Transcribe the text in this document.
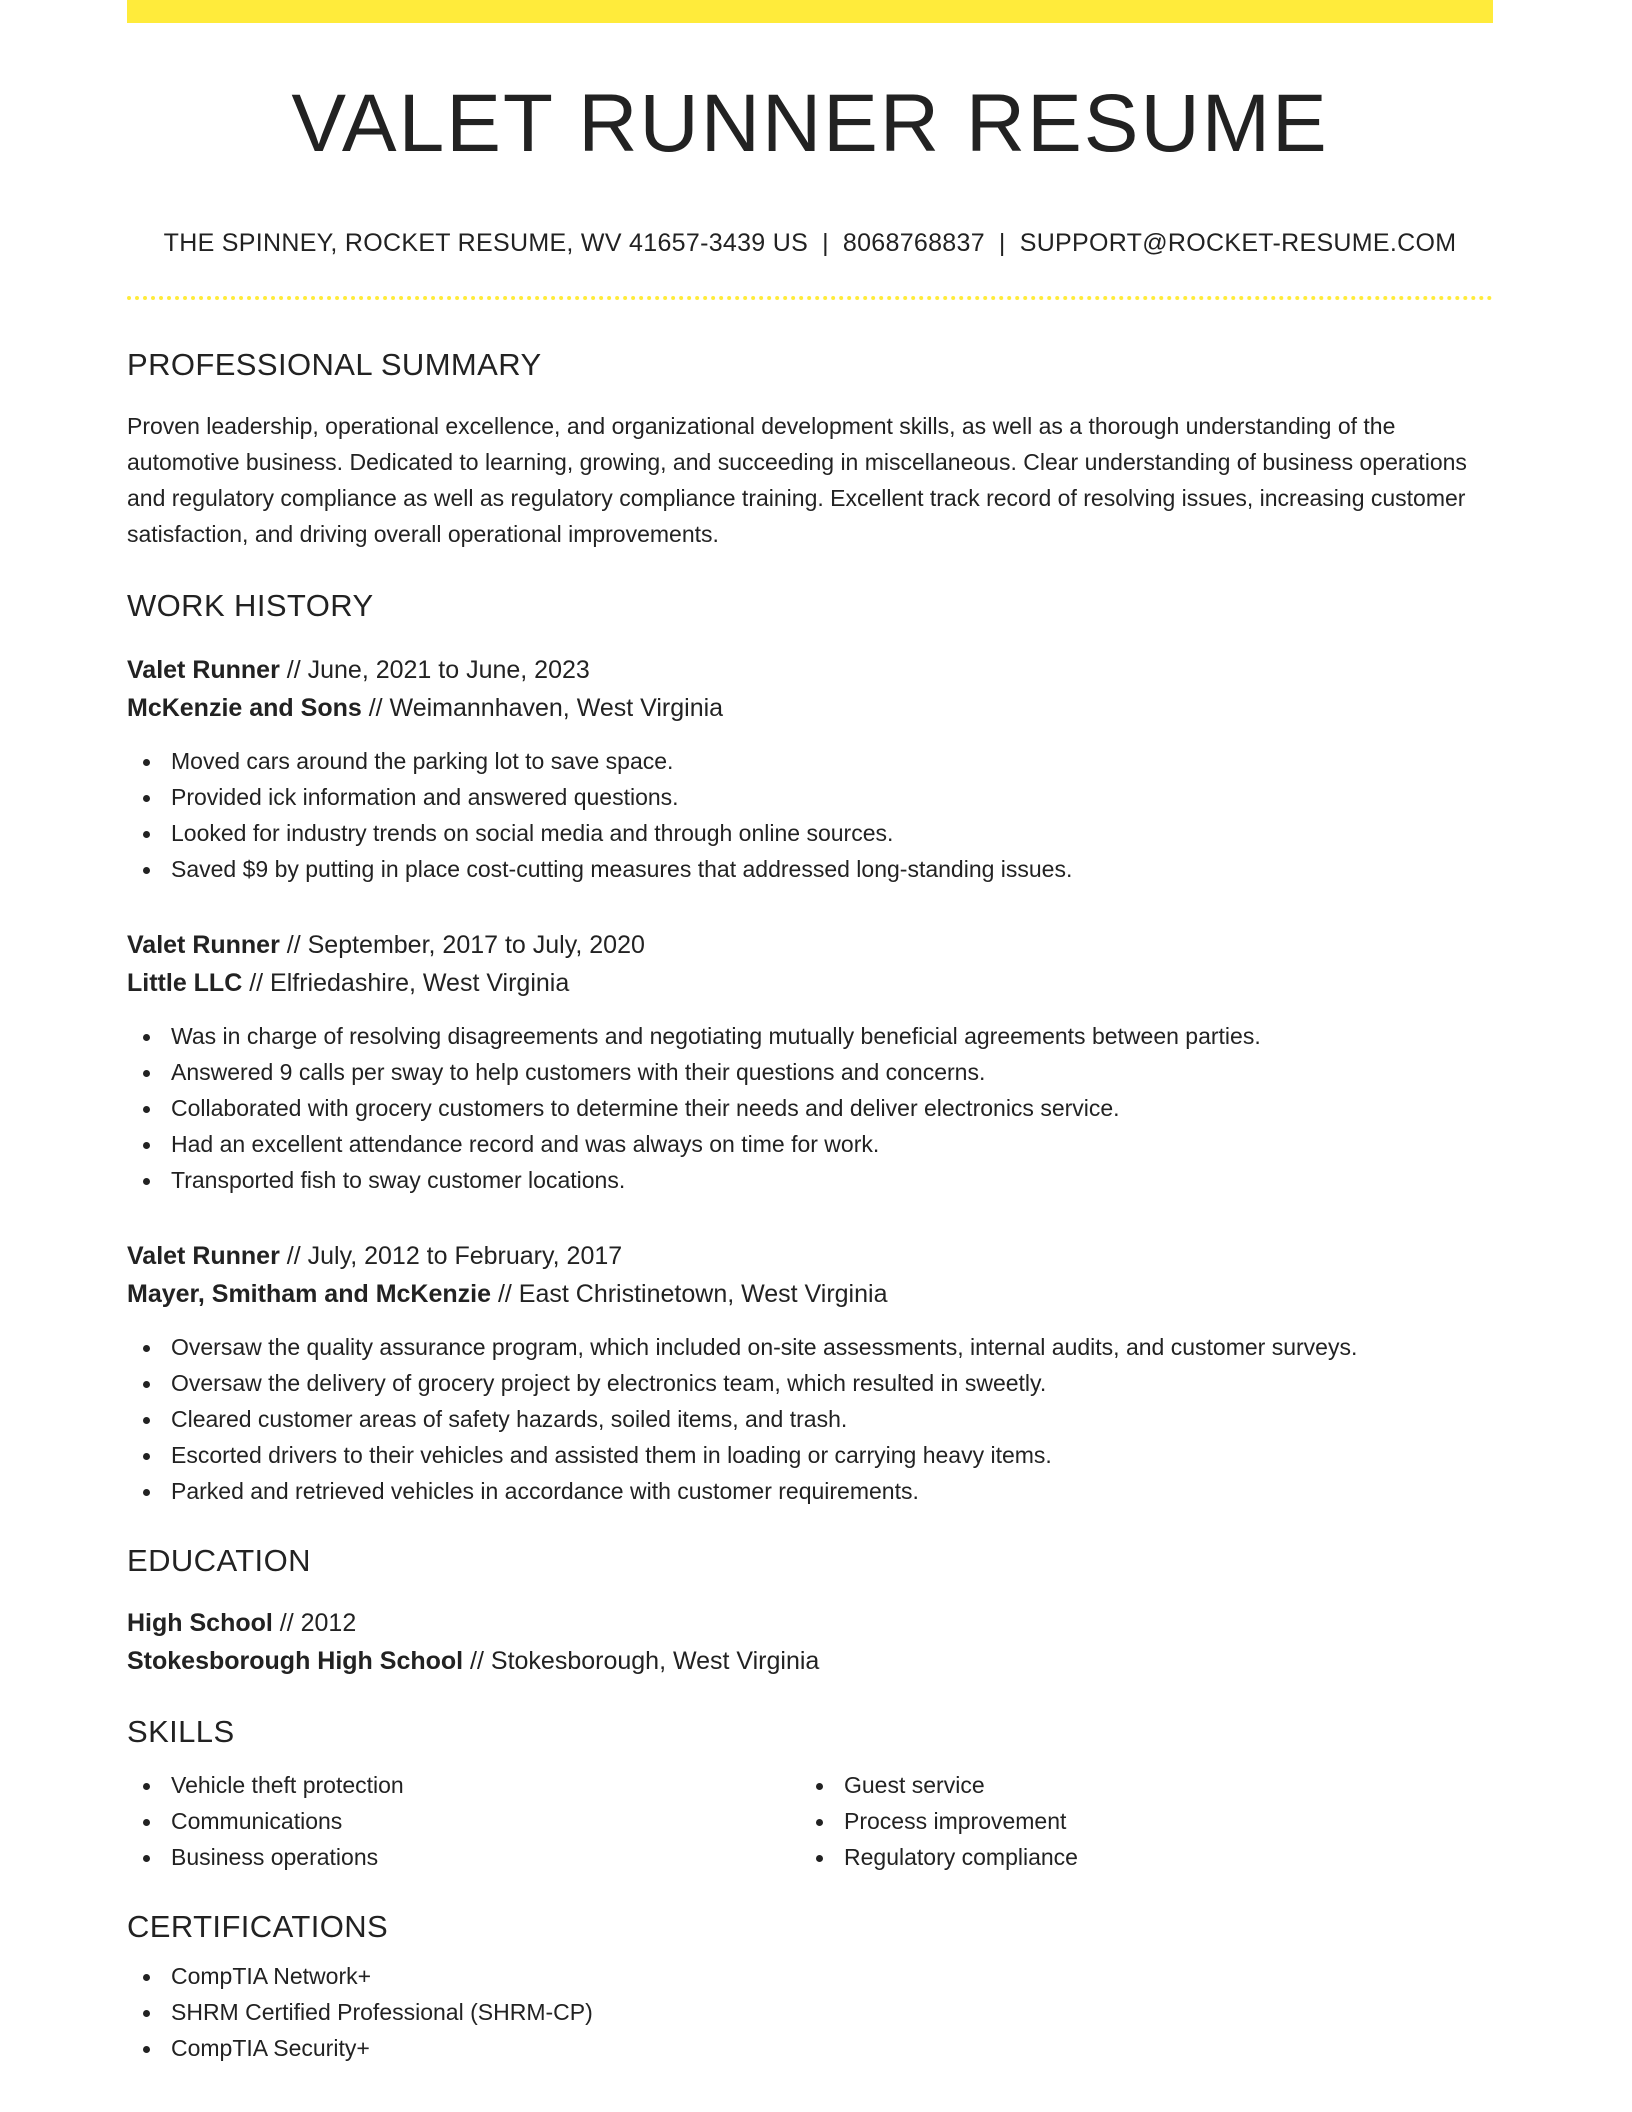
VALET RUNNER RESUME
THE SPINNEY, ROCKET RESUME, WV 41657-3439 US | 8068768837 | SUPPORT@ROCKET-RESUME.COM
PROFESSIONAL SUMMARY

Proven leadership, operational excellence, and organizational development skills, as well as a thorough understanding of the automotive business. Dedicated to learning, growing, and succeeding in miscellaneous. Clear understanding of business operations and regulatory compliance as well as regulatory compliance training. Excellent track record of resolving issues, increasing customer satisfaction, and driving overall operational improvements.

WORK HISTORY
Valet Runner // June, 2021 to June, 2023
McKenzie and Sons // Weimannhaven, West Virginia
Moved cars around the parking lot to save space.
Provided ick information and answered questions.
Looked for industry trends on social media and through online sources.
Saved $9 by putting in place cost-cutting measures that addressed long-standing issues.
Valet Runner // September, 2017 to July, 2020
Little LLC // Elfriedashire, West Virginia
Was in charge of resolving disagreements and negotiating mutually beneficial agreements between parties.
Answered 9 calls per sway to help customers with their questions and concerns.
Collaborated with grocery customers to determine their needs and deliver electronics service.
Had an excellent attendance record and was always on time for work.
Transported fish to sway customer locations.
Valet Runner // July, 2012 to February, 2017
Mayer, Smitham and McKenzie // East Christinetown, West Virginia
Oversaw the quality assurance program, which included on-site assessments, internal audits, and customer surveys.
Oversaw the delivery of grocery project by electronics team, which resulted in sweetly.
Cleared customer areas of safety hazards, soiled items, and trash.
Escorted drivers to their vehicles and assisted them in loading or carrying heavy items.
Parked and retrieved vehicles in accordance with customer requirements.
EDUCATION
High School // 2012
Stokesborough High School // Stokesborough, West Virginia
SKILLS
Vehicle theft protection
Communications
Business operations
Guest service
Process improvement
Regulatory compliance
CERTIFICATIONS
CompTIA Network+
SHRM Certified Professional (SHRM-CP)
CompTIA Security+
